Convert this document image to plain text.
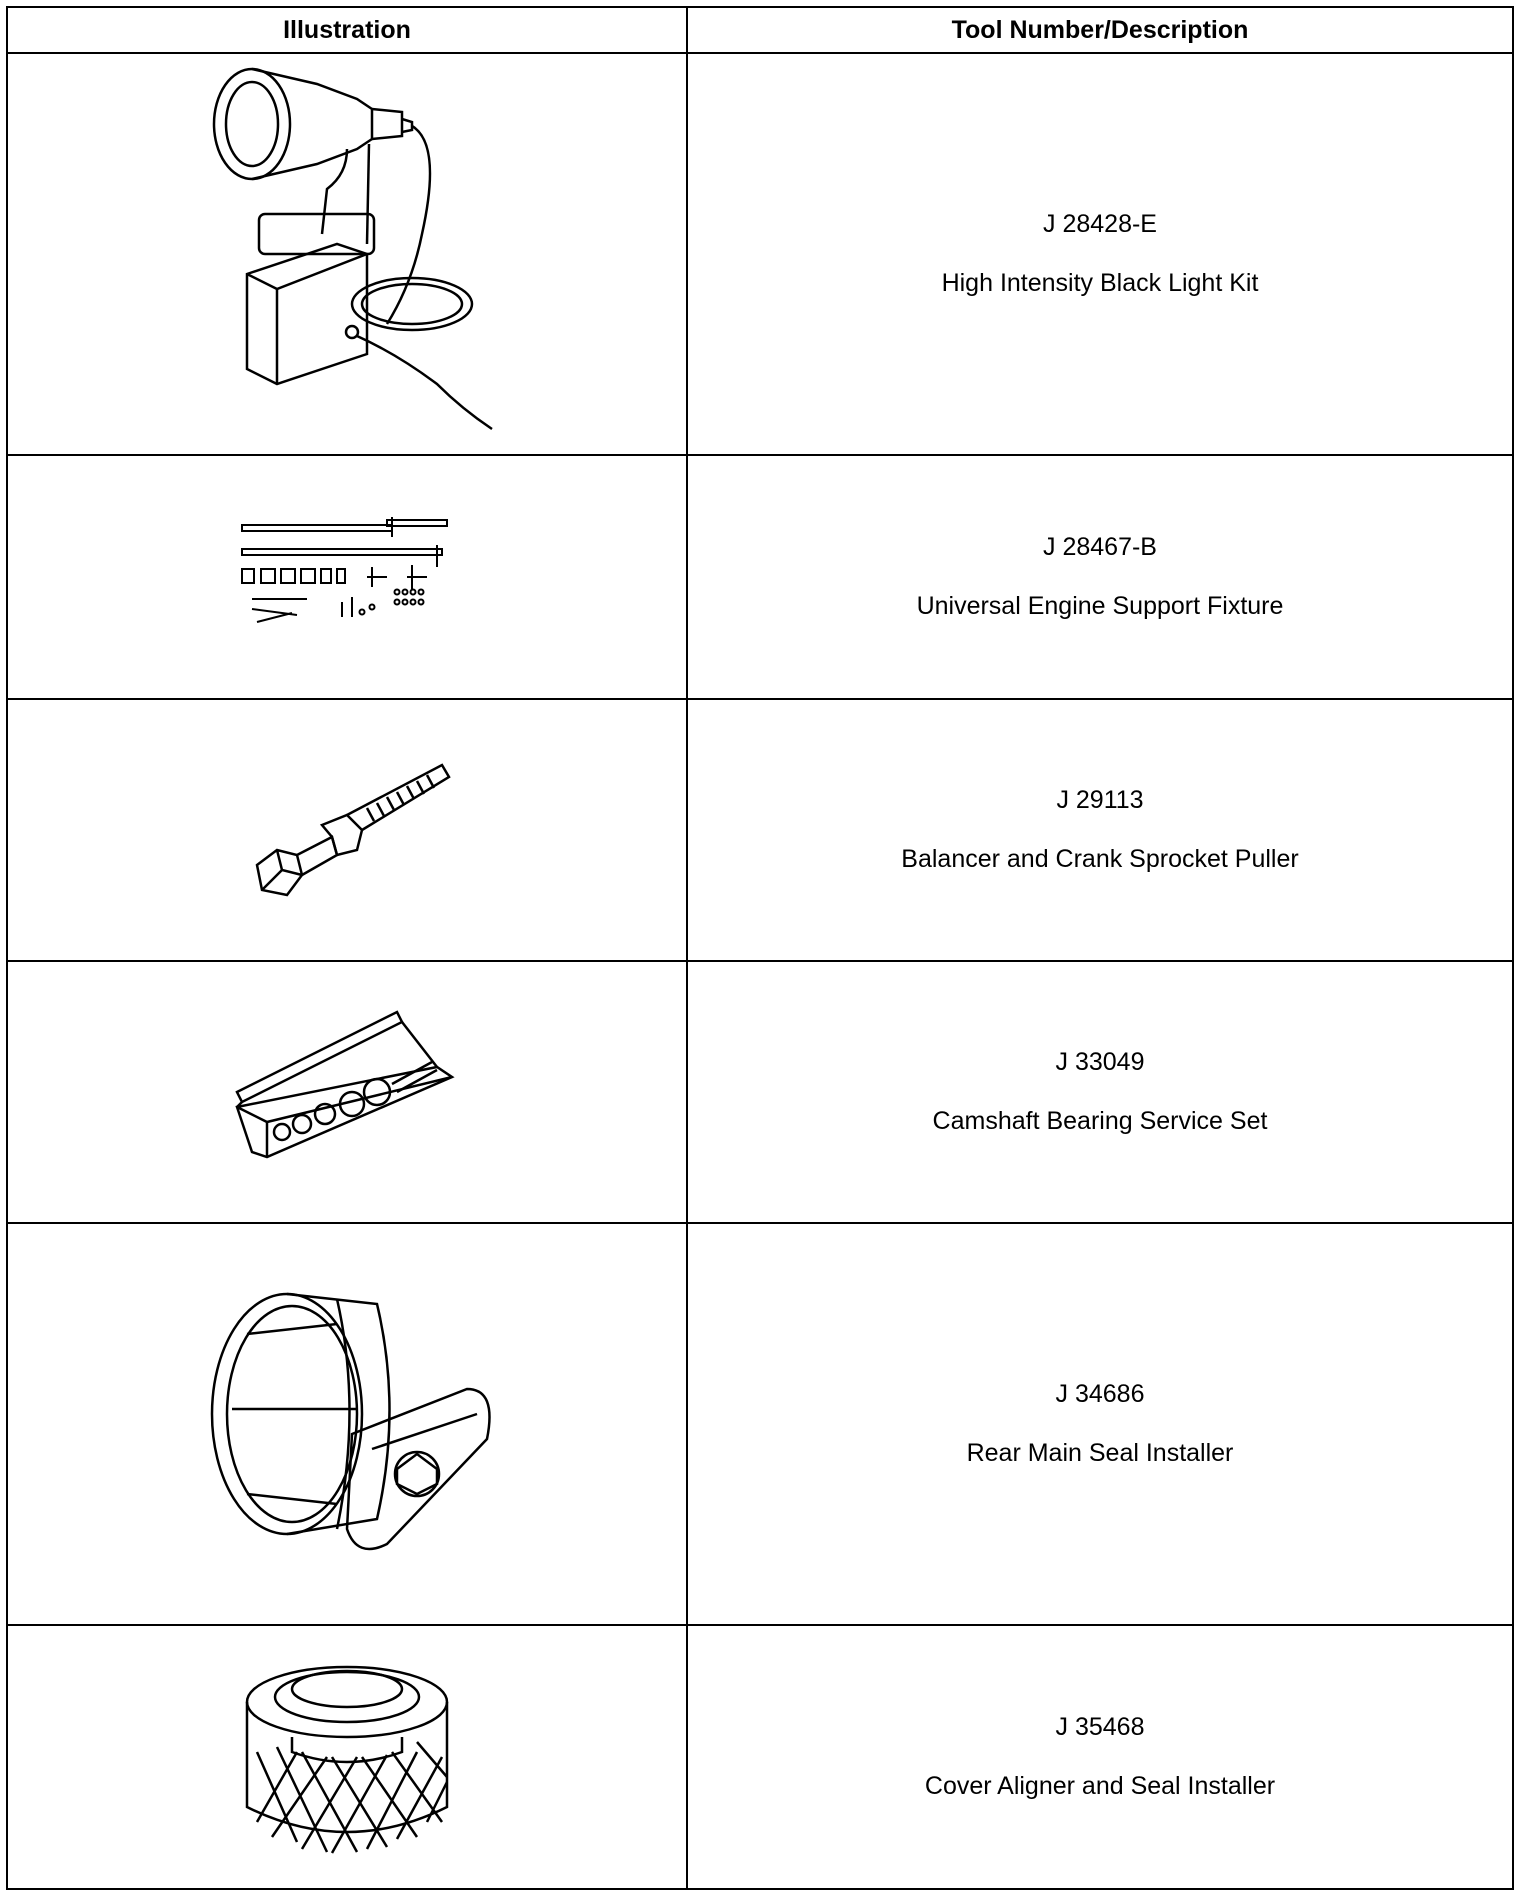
Illustration	Tool Number/Description

J 28428-E
High Intensity Black Light Kit

J 28467-B
Universal Engine Support Fixture

J 29113
Balancer and Crank Sprocket Puller

J 33049
Camshaft Bearing Service Set

J 34686
Rear Main Seal Installer

J 35468
Cover Aligner and Seal Installer
